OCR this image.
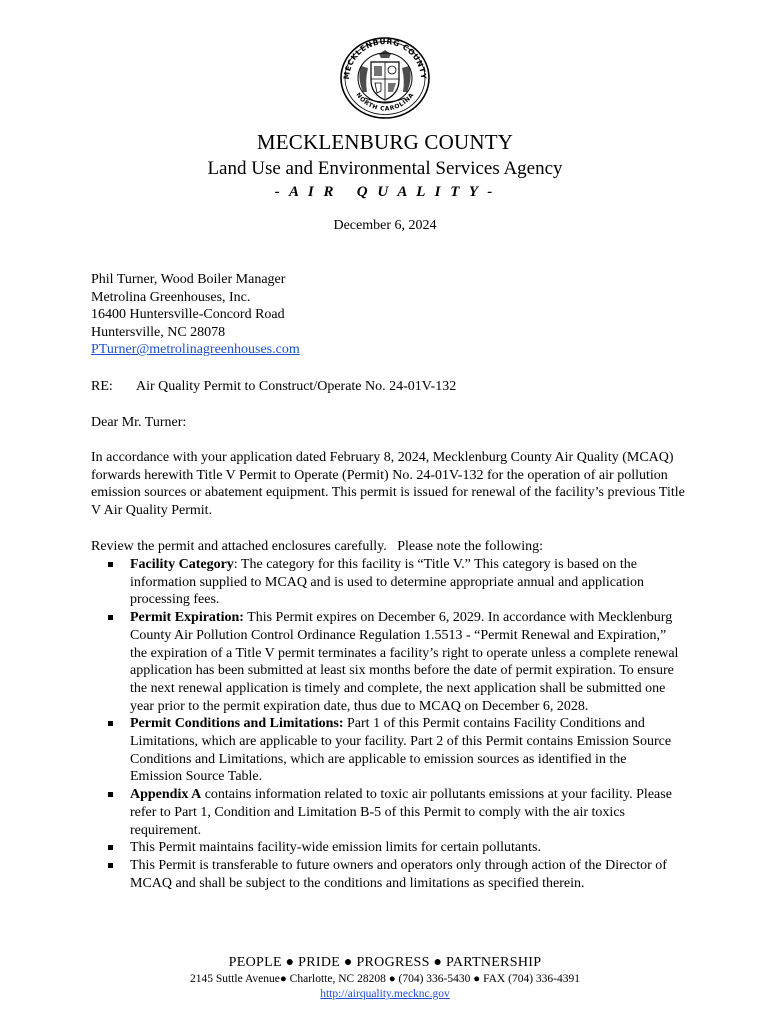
MECKLENBURG COUNTY
NORTH CAROLINA
MECKLENBURG COUNTY
Land Use and Environmental Services Agency
- A I R   Q U A L I T Y -
December 6, 2024
Phil Turner, Wood Boiler Manager
Metrolina Greenhouses, Inc.
16400 Huntersville-Concord Road
Huntersville, NC 28078
PTurner@metrolinagreenhouses.com
RE: Air Quality Permit to Construct/Operate No. 24-01V-132
Dear Mr. Turner:
In accordance with your application dated February 8, 2024, Mecklenburg County Air Quality (MCAQ) forwards herewith Title V Permit to Operate (Permit) No. 24-01V-132 for the operation of air pollution emission sources or abatement equipment. This permit is issued for renewal of the facility’s previous Title V Air Quality Permit.
Review the permit and attached enclosures carefully.   Please note the following:
Facility Category: The category for this facility is “Title V.” This category is based on the information supplied to MCAQ and is used to determine appropriate annual and application processing fees.
Permit Expiration: This Permit expires on December 6, 2029. In accordance with Mecklenburg County Air Pollution Control Ordinance Regulation 1.5513 - “Permit Renewal and Expiration,” the expiration of a Title V permit terminates a facility’s right to operate unless a complete renewal application has been submitted at least six months before the date of permit expiration. To ensure the next renewal application is timely and complete, the next application shall be submitted one year prior to the permit expiration date, thus due to MCAQ on December 6, 2028.
Permit Conditions and Limitations: Part 1 of this Permit contains Facility Conditions and Limitations, which are applicable to your facility. Part 2 of this Permit contains Emission Source Conditions and Limitations, which are applicable to emission sources as identified in the Emission Source Table.
Appendix A contains information related to toxic air pollutants emissions at your facility. Please refer to Part 1, Condition and Limitation B-5 of this Permit to comply with the air toxics requirement.
This Permit maintains facility-wide emission limits for certain pollutants.
This Permit is transferable to future owners and operators only through action of the Director of MCAQ and shall be subject to the conditions and limitations as specified therein.
PEOPLE ● PRIDE ● PROGRESS ● PARTNERSHIP
2145 Suttle Avenue● Charlotte, NC 28208 ● (704) 336-5430 ● FAX (704) 336-4391
http://airquality.mecknc.gov
